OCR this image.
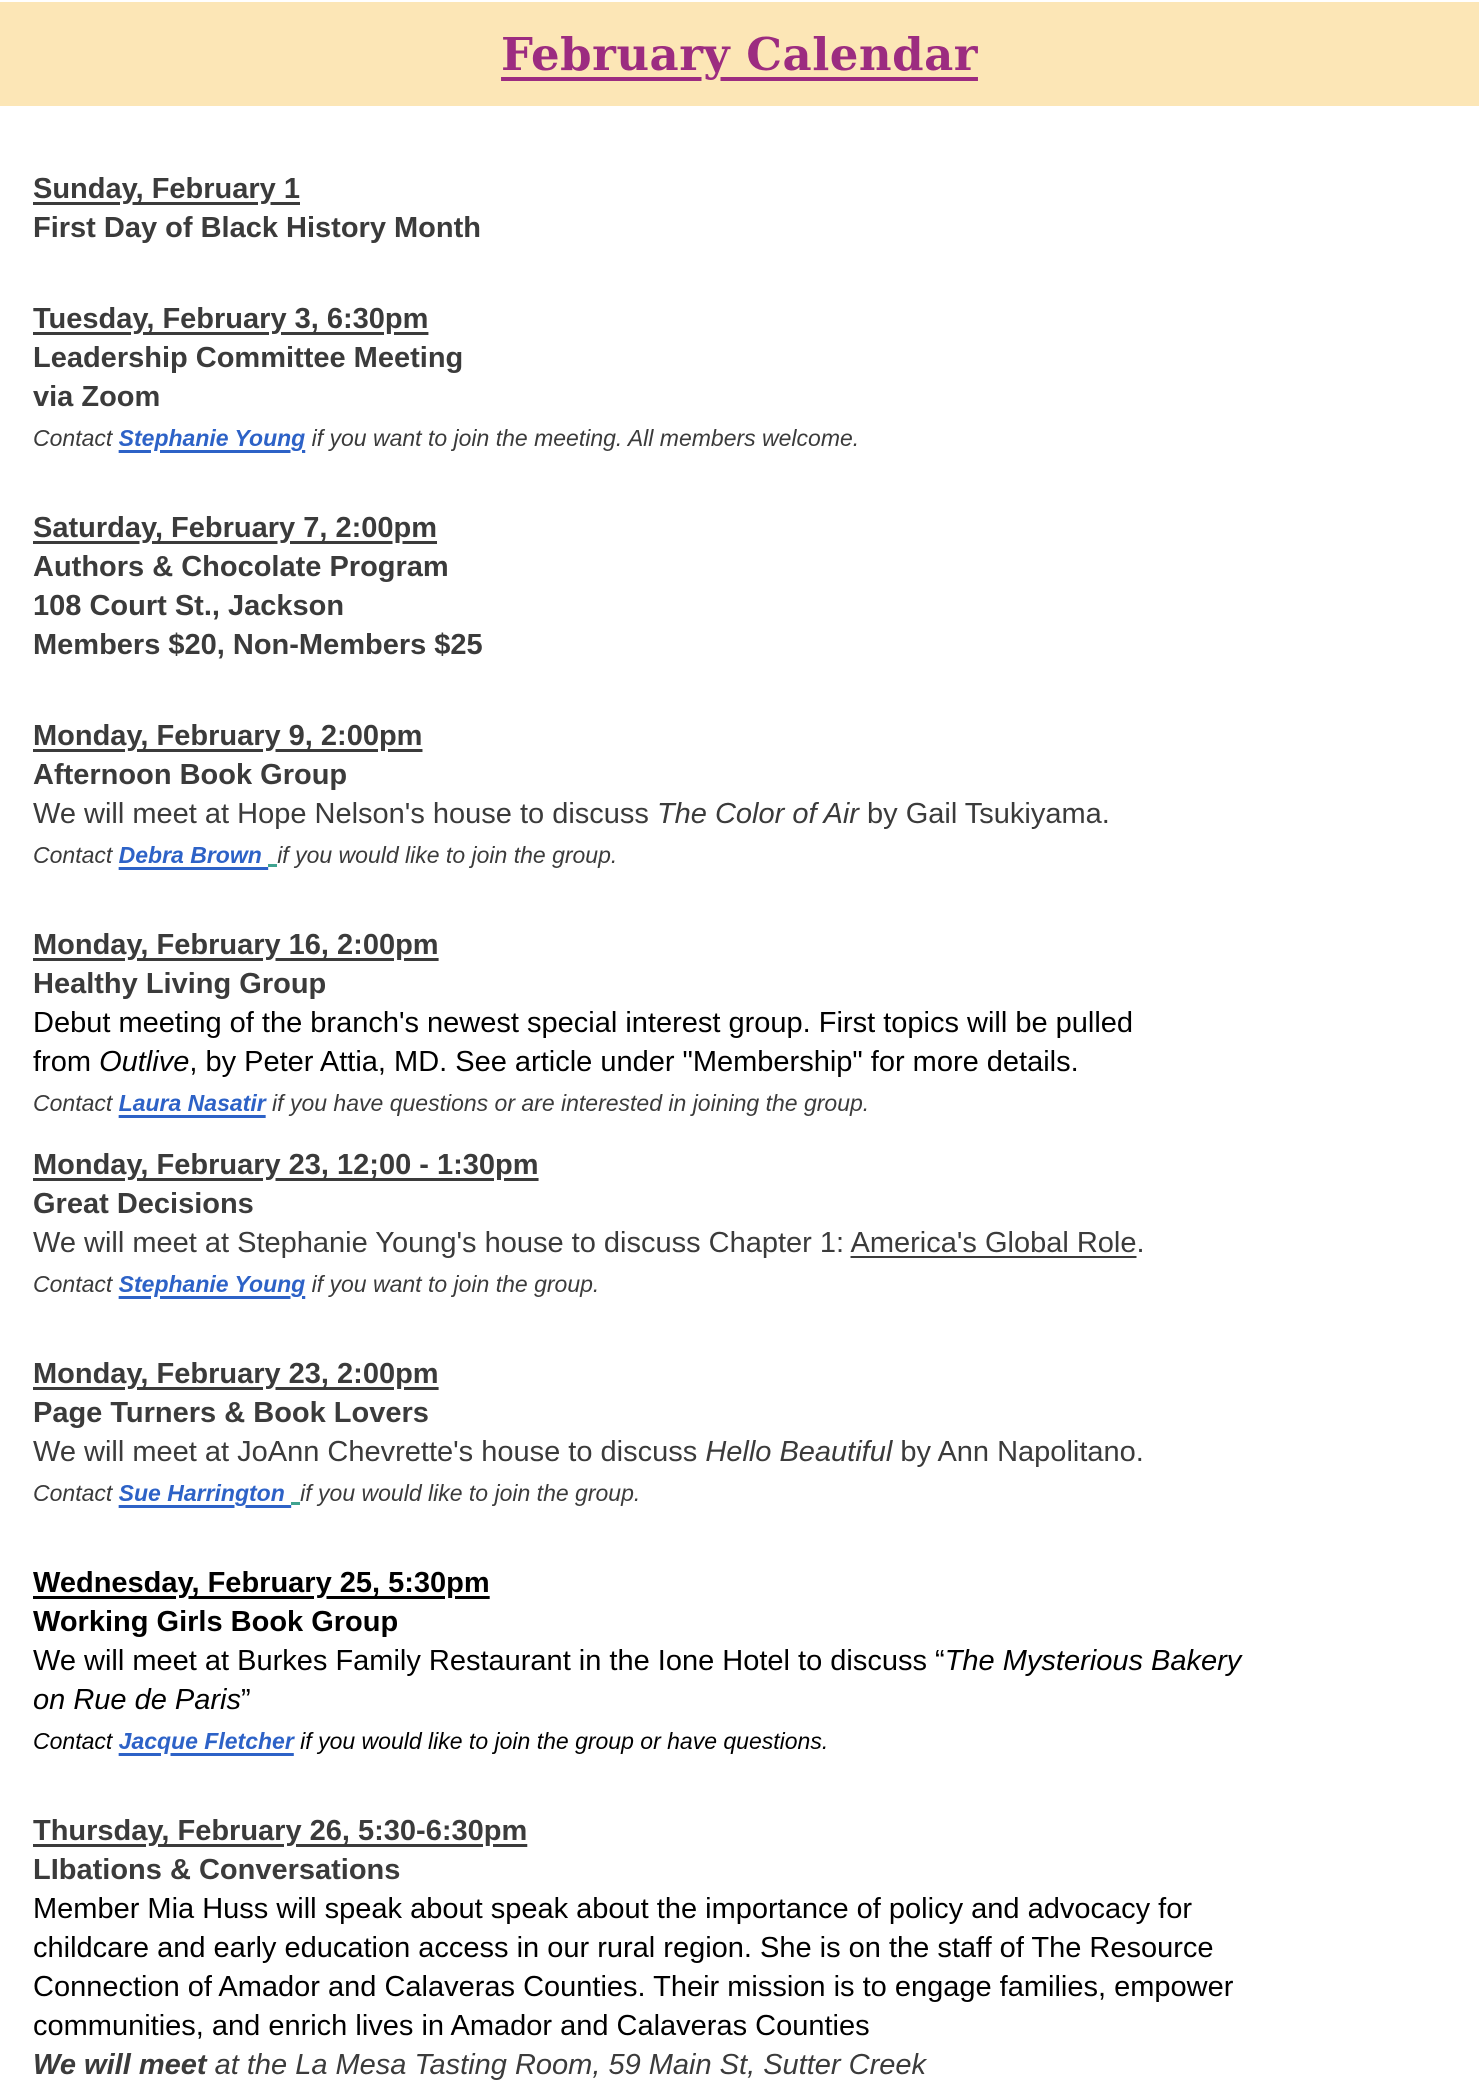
February Calendar
Sunday, February 1
First Day of Black History Month
Tuesday, February 3, 6:30pm
Leadership Committee Meeting
via Zoom
Contact Stephanie Young if you want to join the meeting. All members welcome.
Saturday, February 7, 2:00pm
Authors & Chocolate Program
108 Court St., Jackson
Members $20, Non-Members $25
Monday, February 9, 2:00pm
Afternoon Book Group
We will meet at Hope Nelson's house to discuss The Color of Air by Gail Tsukiyama.
Contact Debra Brown if you would like to join the group.
Monday, February 16, 2:00pm
Healthy Living Group
Debut meeting of the branch's newest special interest group. First topics will be pulled
from Outlive, by Peter Attia, MD. See article under "Membership" for more details.
Contact Laura Nasatir if you have questions or are interested in joining the group.
Monday, February 23, 12;00 - 1:30pm
Great Decisions
We will meet at Stephanie Young's house to discuss Chapter 1: America's Global Role.
Contact Stephanie Young if you want to join the group.
Monday, February 23, 2:00pm
Page Turners & Book Lovers
We will meet at JoAnn Chevrette's house to discuss Hello Beautiful by Ann Napolitano.
Contact Sue Harrington if you would like to join the group.
Wednesday, February 25, 5:30pm
Working Girls Book Group
We will meet at Burkes Family Restaurant in the Ione Hotel to discuss “The Mysterious Bakery
on Rue de Paris”
Contact Jacque Fletcher if you would like to join the group or have questions.
Thursday, February 26, 5:30-6:30pm
LIbations & Conversations
Member Mia Huss will speak about speak about the importance of policy and advocacy for
childcare and early education access in our rural region. She is on the staff of The Resource
Connection of Amador and Calaveras Counties. Their mission is to engage families, empower
communities, and enrich lives in Amador and Calaveras Counties
We will meet at the La Mesa Tasting Room, 59 Main St, Sutter Creek
